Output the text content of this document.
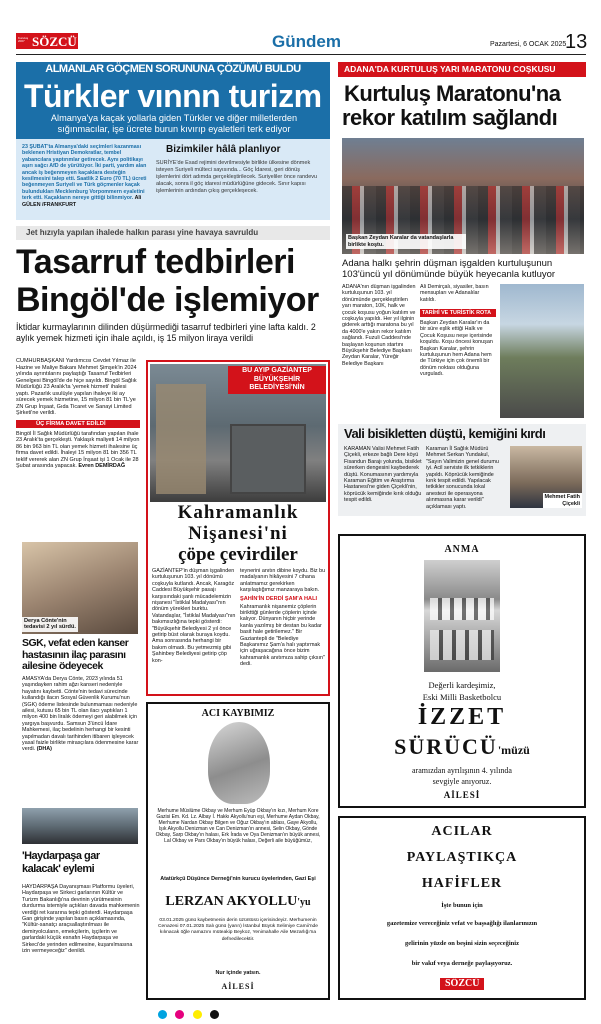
SÖZCÜ
Kuruluş 2007	Gündem	Pazartesi, 6 OCAK 2025
13
ALMANLAR GÖÇMEN SORUNUNA ÇÖZÜMÜ BULDU
Türkler vınnn turizm
Almanya'ya kaçak yollarla giden Türkler ve diğer milletlerden sığınmacılar, işe ücrete burun kıvırıp eyaletleri terk ediyor
23 ŞUBAT'ta Almanya'daki seçimleri kazanması beklenen Hristiyan Demokratlar, tembel yabancılara yaptırımlar getirecek. Aynı politikayı aşırı sağcı AfD de yürütüyor. İki parti, yardım alan ancak iş beğenmeyen kaçaklara desteğin kesilmesini talep etti. Saatlik 2 Euro (70 TL) ücreti beğenmeyen Suriyeli ve Türk göçmenler kaçak bulundukları Mecklenburg Vorpommern eyaletini terk etti. Kaçakların nereye gittiği bilinmiyor. Ali GÜLEN /FRANKFURT
Bizimkiler hâlâ planlıyor
SURİYE'de Esad rejimini devrilmesiyle birlikte ülkesine dönmek isteyen Suriyeli mülteci sayısında... Göç İdaresi, geri dönüş işlemlerini dört adımda gerçekleştirilecek. Suriyeliler önce randevu alacak, sonra il göç idaresi müdürlüğüne gidecek. Sınır kapısı işlemlerinin ardından çıkış gerçekleşecek.
ADANA'DA KURTULUŞ YARI MARATONU COŞKUSU
Kurtuluş Maratonu'na
rekor katılım sağlandı
Başkan Zeydan Karalar da vatandaşlarla birlikte koştu.
Adana halkı şehrin düşman işgalden kurtuluşunun 103'üncü yıl dönümünde büyük heyecanla kutluyor
ADANA'nın düşman işgalinden kurtuluşunun 103. yıl dönümünde gerçekleştirilen yarı maraton, 10K, halk ve çocuk koşusu yoğun katılım ve coşkuyla yapıldı. Her yıl ilginin giderek arttığı maratona bu yıl da 4000'e yakın rekor katılım sağlandı. Fuzuli Caddesi'nde başlayan koşunun startını Büyükşehir Belediye Başkanı Zeydan Karalar, Yüreğir Belediye Başkanı
Ali Demirçalı, siyasiler, basın mensupları ve Adanalılar katıldı.
TARİHİ VE TURİSTİK ROTA
Başkan Zeydan Karalar'ın da bir süre eşlik ettiği Halk ve Çocuk Koşusu neşe içerisinde koşuldu. Koşu öncesi konuşan Başkan Karalar, şehrin kurtuluşunun hem Adana hem de Türkiye için çok önemli bir dönüm noktası olduğuna vurguladı.
Jet hızıyla yapılan ihalede halkın parası yine havaya savruldu
Tasarruf tedbirleri
Bingöl'de işlemiyor
İktidar kurmaylarının dilinden düşürmediği tasarruf tedbirleri yine lafta kaldı. 2 aylık yemek hizmeti için ihale açıldı, iş 15 milyon liraya verildi
CUMHURBAŞKANI Yardımcısı Cevdet Yılmaz ile Hazine ve Maliye Bakanı Mehmet Şimşek'in 2024 yılında ayrıntılarını paylaştığı Tasarruf Tedbirleri Genelgesi Bingöl'de de hiçe sayıldı. Bingöl Sağlık Müdürlüğü 23 Aralık'ta 'yemek hizmeti' ihalesi yaptı. Pazarlık usulüyle yapılan ihaleye iki ay sürecek yemek hizmetine, 15 milyon 81 bin TL'ye ZN Grup İnşaat, Gıda Ticaret ve Sanayi Limited Şirketi'ne verildi.
ÜÇ FİRMA DAVET EDİLDİ
Bingöl İl Sağlık Müdürlüğü tarafından yapılan ihale 23 Aralık'ta gerçekleşti. Yaklaşık maliyeti 14 milyon 86 bin 963 bin TL olan yemek hizmeti ihalesine üç firma davet edildi. İhaleyi 15 milyon 81 bin 356 TL teklif vererek alan ZN Grup İnşaat işi 1 Ocak ile 28 Şubat arasında yapacak. Evren DEMİRDAĞ
BU AYIP GAZİANTEP BÜYÜKŞEHİR BELEDİYESİ'NİN
Kahramanlık
Nişanesi'ni
çöpe çevirdiler
GAZİANTEP'in düşman işgalinden kurtuluşunun 103. yıl dönümü coşkuyla kutlandı. Ancak, Karagöz Caddesi Büyükşehir pasajı karşısındaki şanlı mücadelemizin nişanesi "İstiklal Madalyası"nın dönüm yürekleri burktu. Vatandaşlar, "İstiklal Madalyası"nın bakımsızlığına tepki gösterdi: "Büyükşehir Belediyesi 2 yıl önce getirip büst olarak buraya koydu. Ama sonrasında herhangi bir bakım olmadı. Bu yetmezmiş gibi Şahinbey Belediyesi getirip çöp kon-
teynerini anıtın dibine koydu. Biz bu madalyanın hikâyesini 7 cihana anlatmamız gerekirken karşılaştığımız manzaraya bakın.
ŞAHİN'İN DERDİ ŞAM'A HALI
Kahramanlık nişanemiz çöplerin birikttiği günlerde çöplerin içinde kalıyor. Dünyanın hiçbir yerinde kanla yazılmış bir destan bu kadar basit hale getirilemez." Bir Gaziantepli de "Belediye Başkanımız Şam'a halı yaptırmak için uğraşacağına önce bizim kahramanlık anıtımıza sahip çıksın" dedi.
Vali bisikletten düştü, kemiğini kırdı
KARAMAN Valisi Mehmet Fatih Çiçekli, erkeze bağlı Dere köyü Fisandun Barajı yolunda, bisiklet sürerken dengesini kaybederek düştü. Konumasının yardımıyla Karaman Eğitim ve Araştırma Hastanesi'ne giden Çiçekli'nin, köprücük kemiğinde kırık olduğu tespit edildi.
Karaman İl Sağlık Müdürü Mehmet Serkan Yundakul, "Sayın Valimizin genel durumu iyi. Acil serviste ilk tetkiklerin yapıldı. Köprücük kemiğinde kırık tespit edildi. Yapılacak tetkikler sonucunda lokal anestezi ile operasyona alınmasına karar verildi" açıklaması yaptı.
Mehmet Fatih
Çiçekli
Derya Cönte'nin
tedavisi 2 yıl sürdü.
SGK, vefat eden kanser hastasının ilaç parasını ailesine ödeyecek
AMASYA'da Derya Cönte, 2023 yılında 51 yaşındayken rahim ağzı kanseri nedeniyle hayatını kaybetti. Cönte'nin tedavi sürecinde kullandığı ilacın Sosyal Güvenlik Kurumu'nun (SGK) ödeme listesinde bulunmaması nedeniyle ailesi, kutusu 65 bin TL olan ilacı yaptıkları 1 milyon 400 bin liralık ödemeyi geri alabilmek için yargıya başvurdu. Samsun 3'üncü İdare Mahkemesi, ilaç bedelinin herhangi bir kesinti yapılmadan davalı tarihinden itibaren işleyecek yasal faizle birlikte mirasçılara ödenmesine karar verdi. (DHA)
'Haydarpaşa gar kalacak' eylemi
HAYDARPAŞA Dayanışması Platformu üyeleri, Haydarpaşa ve Sirkeci garlarının Kültür ve Turizm Bakanlığı'na devrinin yürütmesinin durdurma istemiyle açtıkları davada mahkemenin verdiği ret kararına tepki gösterdi. Haydarpaşa Garı girişinde yapılan basın açıklamasında, "Kültür-sanatçı araçsallaştırılması ile demiryolcuların, emekçilerin, işçilerin ve garlardaki küçük esnafın Haydarpaşa ve Sirkeci'de yerinden edilmesine, kuşanılmasına izin vermeyeceğiz" denildi.
ACI KAYBIMIZ
Merhume Müslüme Okbay ve Merhum Eyüp Okbay'ın kızı, Merhum Kore Gazisi Em. Kd. Lz. Albay İ. Hakkı Akyollu'nun eşi, Merhume Aydan Okbay, Merhume Nardan Okbay Bilgen ve Oğuz Okbay'ın ablası, Gaye Akyollu, Işık Akyollu Denizman ve Can Denizman'ın annesi, Selin Okbay, Gönde Okbay, Sarp Okbay'ın halası, Erk İrada ve Oya Denizman'ın büyük annesi, Lal Okbay ve Pars Okbay'ın büyük halası, Değerli aile büyüğümüz,
Atatürkçü Düşünce Derneği'nin kurucu üyelerinden, Gazi Eşi
LERZAN AKYOLLU'yu
03.01.2025 günü kaybetmenin derin üzüntüsü içerisindeyiz. Merhumenin Cenazesi 07.01.2025 Salı günü (yarın) İstanbul Büyük Selimiye Camii'nde kılınacak öğle namazını müteakip Beykoz, Yenimahalle Aile Mezarlığı'na defnedilecektir.
Nur içinde yatsın.
AİLESİ
ANMA
Değerli kardeşimiz,
Eski Milli Basketbolcu
İZZET
SÜRÜCÜ'müzü
aramızdan ayrılışının 4. yılında
sevgiyle anıyoruz.
AİLESİ
ACILAR
PAYLAŞTIKÇA
HAFİFLER
İşte bunun için
gazetemize vereceğiniz vefat ve başsağlığı ilanlarınızın
gelirinin yüzde on beşini sizin seçeceğiniz
bir vakıf veya derneğe paylaşıyoruz.
SÖZCÜ
